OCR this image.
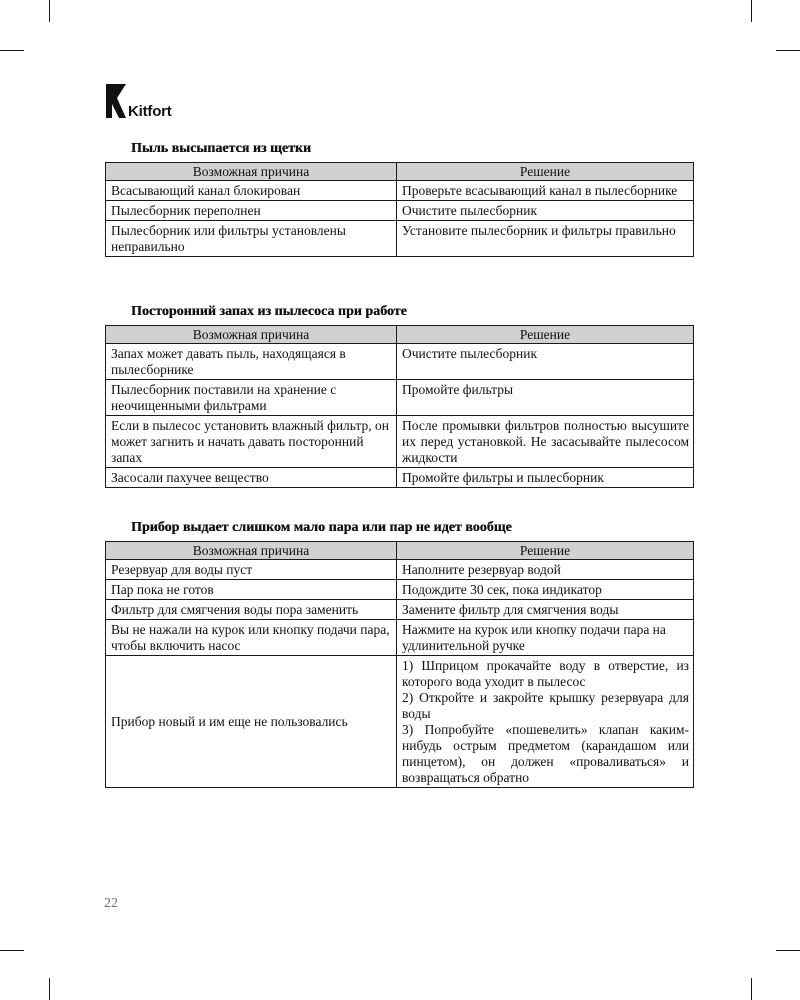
Kitfort
Пыль высыпается из щетки
Возможная причина	Решение
Всасывающий канал блокирован	Проверьте всасывающий канал в пылесборнике
Пылесборник переполнен	Очистите пылесборник
Пылесборник или фильтры установлены неправильно	Установите пылесборник и фильтры правильно
Посторонний запах из пылесоса при работе
Возможная причина	Решение
Запах может давать пыль, находящаяся в пылесборнике	Очистите пылесборник
Пылесборник поставили на хранение с неочищенными фильтрами	Промойте фильтры
Если в пылесос установить влажный фильтр, он может загнить и начать давать посторонний запах	После промывки фильтров полностью высушите их перед установкой. Не засасывайте пылесосом жидкости
Засосали пахучее вещество	Промойте фильтры и пылесборник
Прибор выдает слишком мало пара или пар не идет вообще
Возможная причина	Решение
Резервуар для воды пуст	Наполните резервуар водой
Пар пока не готов	Подождите 30 сек, пока индикатор
Фильтр для смягчения воды пора заменить	Замените фильтр для смягчения воды
Вы не нажали на курок или кнопку подачи пара, чтобы включить насос	Нажмите на курок или кнопку подачи пара на удлинительной ручке
Прибор новый и им еще не пользовались	1) Шприцом прокачайте воду в отверстие, из которого вода уходит в пылесос
2) Откройте и закройте крышку резервуара для воды
3) Попробуйте «пошевелить» клапан каким-нибудь острым предметом (карандашом или пинцетом), он должен «проваливаться» и возвращаться обратно
22
